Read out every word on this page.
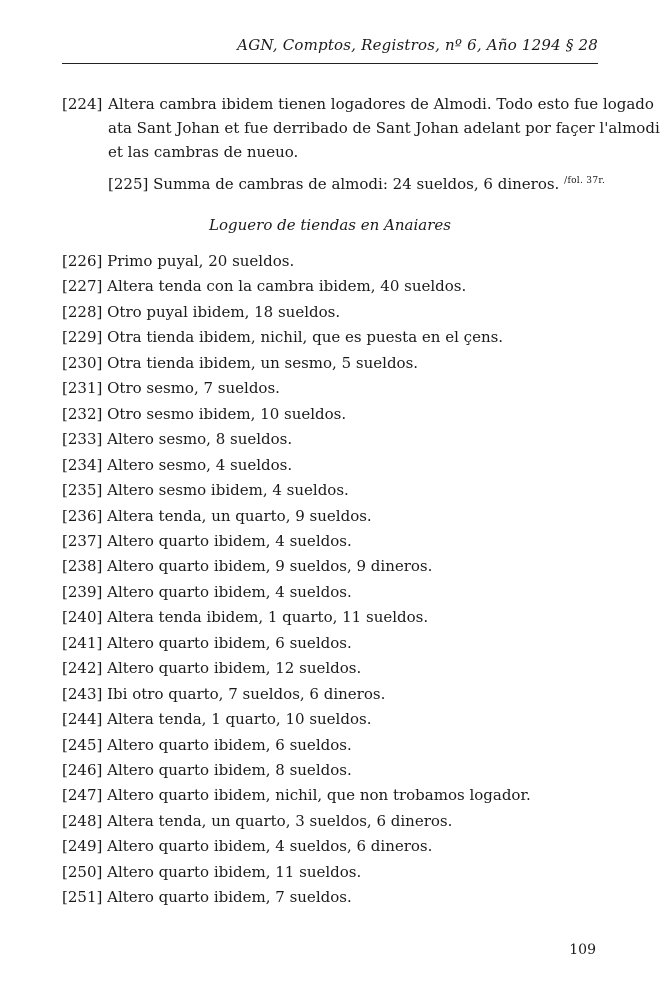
AGN, Comptos, Registros, nº 6, Año 1294 § 28
[224] Altera cambra ibidem tienen logadores de Almodi. Todo esto fue logado
ata Sant Johan et fue derribado de Sant Johan adelant por façer l'almodi
et las cambras de nueuo.
[225] Summa de cambras de almodi: 24 sueldos, 6 dineros. $^{/fol. 37r.}$
Loguero de tiendas en Anaiares
[226] Primo puyal, 20 sueldos.
[227] Altera tenda con la cambra ibidem, 40 sueldos.
[228] Otro puyal ibidem, 18 sueldos.
[229] Otra tienda ibidem, nichil, que es puesta en el çens.
[230] Otra tienda ibidem, un sesmo, 5 sueldos.
[231] Otro sesmo, 7 sueldos.
[232] Otro sesmo ibidem, 10 sueldos.
[233] Altero sesmo, 8 sueldos.
[234] Altero sesmo, 4 sueldos.
[235] Altero sesmo ibidem, 4 sueldos.
[236] Altera tenda, un quarto, 9 sueldos.
[237] Altero quarto ibidem, 4 sueldos.
[238] Altero quarto ibidem, 9 sueldos, 9 dineros.
[239] Altero quarto ibidem, 4 sueldos.
[240] Altera tenda ibidem, 1 quarto, 11 sueldos.
[241] Altero quarto ibidem, 6 sueldos.
[242] Altero quarto ibidem, 12 sueldos.
[243] Ibi otro quarto, 7 sueldos, 6 dineros.
[244] Altera tenda, 1 quarto, 10 sueldos.
[245] Altero quarto ibidem, 6 sueldos.
[246] Altero quarto ibidem, 8 sueldos.
[247] Altero quarto ibidem, nichil, que non trobamos logador.
[248] Altera tenda, un quarto, 3 sueldos, 6 dineros.
[249] Altero quarto ibidem, 4 sueldos, 6 dineros.
[250] Altero quarto ibidem, 11 sueldos.
[251] Altero quarto ibidem, 7 sueldos.
109
